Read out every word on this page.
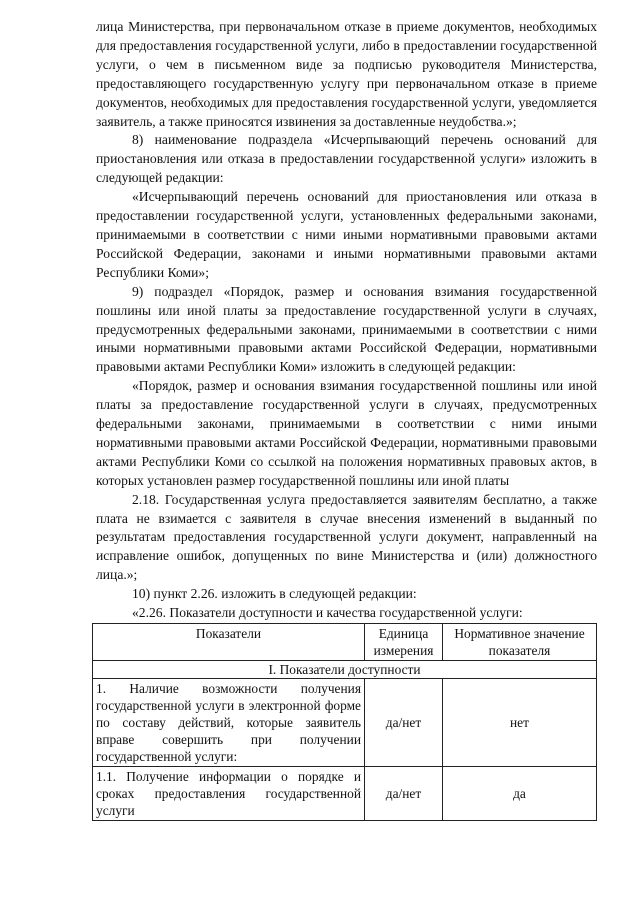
лица Министерства, при первоначальном отказе в приеме документов, необходимых для предоставления государственной услуги, либо в предоставлении государственной услуги, о чем в письменном виде за подписью руководителя Министерства, предоставляющего государственную услугу при первоначальном отказе в приеме документов, необходимых для предоставления государственной услуги, уведомляется заявитель, а также приносятся извинения за доставленные неудобства.»;

8) наименование подраздела «Исчерпывающий перечень оснований для приостановления или отказа в предоставлении государственной услуги» изложить в следующей редакции:

«Исчерпывающий перечень оснований для приостановления или отказа в предоставлении государственной услуги, установленных федеральными законами, принимаемыми в соответствии с ними иными нормативными правовыми актами Российской Федерации, законами и иными нормативными правовыми актами Республики Коми»;

9) подраздел «Порядок, размер и основания взимания государственной пошлины или иной платы за предоставление государственной услуги в случаях, предусмотренных федеральными законами, принимаемыми в соответствии с ними иными нормативными правовыми актами Российской Федерации, нормативными правовыми актами Республики Коми» изложить в следующей редакции:

«Порядок, размер и основания взимания государственной пошлины или иной платы за предоставление государственной услуги в случаях, предусмотренных федеральными законами, принимаемыми в соответствии с ними иными нормативными правовыми актами Российской Федерации, нормативными правовыми актами Республики Коми со ссылкой на положения нормативных правовых актов, в которых установлен размер государственной пошлины или иной платы

2.18. Государственная услуга предоставляется заявителям бесплатно, а также плата не взимается с заявителя в случае внесения изменений в выданный по результатам предоставления государственной услуги документ, направленный на исправление ошибок, допущенных по вине Министерства и (или) должностного лица.»;

10) пункт 2.26. изложить в следующей редакции:

«2.26. Показатели доступности и качества государственной услуги:

Показатели	Единица измерения	Нормативное значение показателя
I. Показатели доступности		
1. Наличие возможности получения государственной услуги в электронной форме по составу действий, которые заявитель вправе совершить при получении государственной услуги:	да/нет	нет
1.1. Получение информации о порядке и сроках предоставления государственной услуги	да/нет	да
